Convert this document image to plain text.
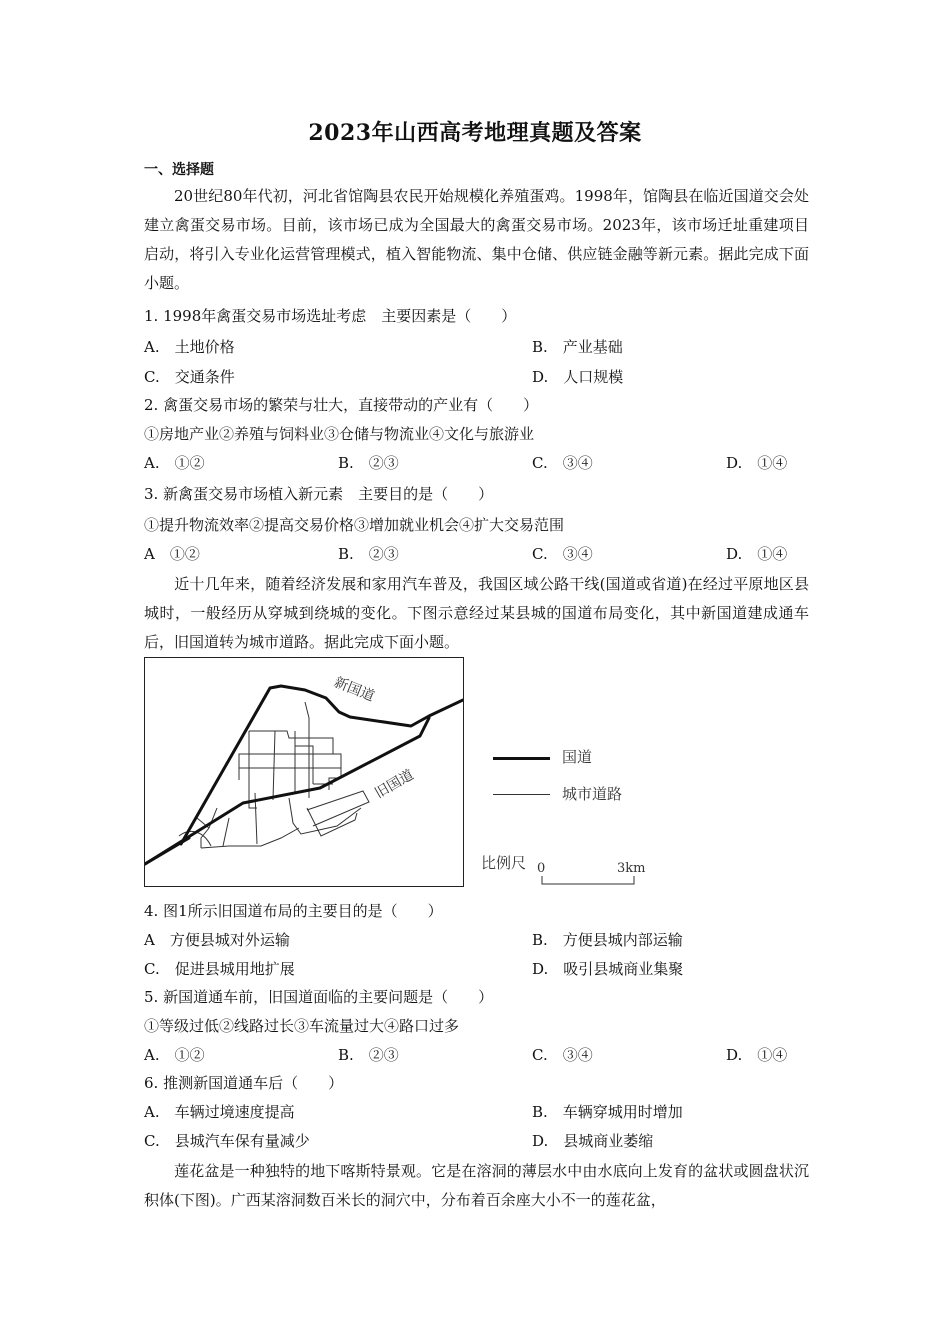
2023年山西高考地理真题及答案
一、选择题
20世纪80年代初，河北省馆陶县农民开始规模化养殖蛋鸡。1998年，馆陶县在临近国道交会处建立禽蛋交易市场。目前，该市场已成为全国最大的禽蛋交易市场。2023年，该市场迁址重建项目启动，将引入专业化运营管理模式，植入智能物流、集中仓储、供应链金融等新元素。据此完成下面小题。
1. 1998年禽蛋交易市场选址考虑　主要因素是（　　）
A.　土地价格	B.　产业基础
C.　交通条件	D.　人口规模
2. 禽蛋交易市场的繁荣与壮大，直接带动的产业有（　　）
①房地产业②养殖与饲料业③仓储与物流业④文化与旅游业
A.　①②	B.　②③	C.　③④	D.　①④
3. 新禽蛋交易市场植入新元素　主要目的是（　　）
①提升物流效率②提高交易价格③增加就业机会④扩大交易范围
A　①②	B.　②③	C.　③④	D.　①④
近十几年来，随着经济发展和家用汽车普及，我国区域公路干线(国道或省道)在经过平原地区县城时，一般经历从穿城到绕城的变化。下图示意经过某县城的国道布局变化，其中新国道建成通车后，旧国道转为城市道路。据此完成下面小题。
新国道
旧国道
国道
城市道路
比例尺 0	3km
4. 图1所示旧国道布局的主要目的是（　　）
A　方便县城对外运输	B.　方便县城内部运输
C.　促进县城用地扩展	D.　吸引县城商业集聚
5. 新国道通车前，旧国道面临的主要问题是（　　）
①等级过低②线路过长③车流量过大④路口过多
A.　①②	B.　②③	C.　③④	D.　①④
6. 推测新国道通车后（　　）
A.　车辆过境速度提高	B.　车辆穿城用时增加
C.　县城汽车保有量减少	D.　县城商业萎缩
莲花盆是一种独特的地下喀斯特景观。它是在溶洞的薄层水中由水底向上发育的盆状或圆盘状沉积体(下图)。广西某溶洞数百米长的洞穴中，分布着百余座大小不一的莲花盆，
